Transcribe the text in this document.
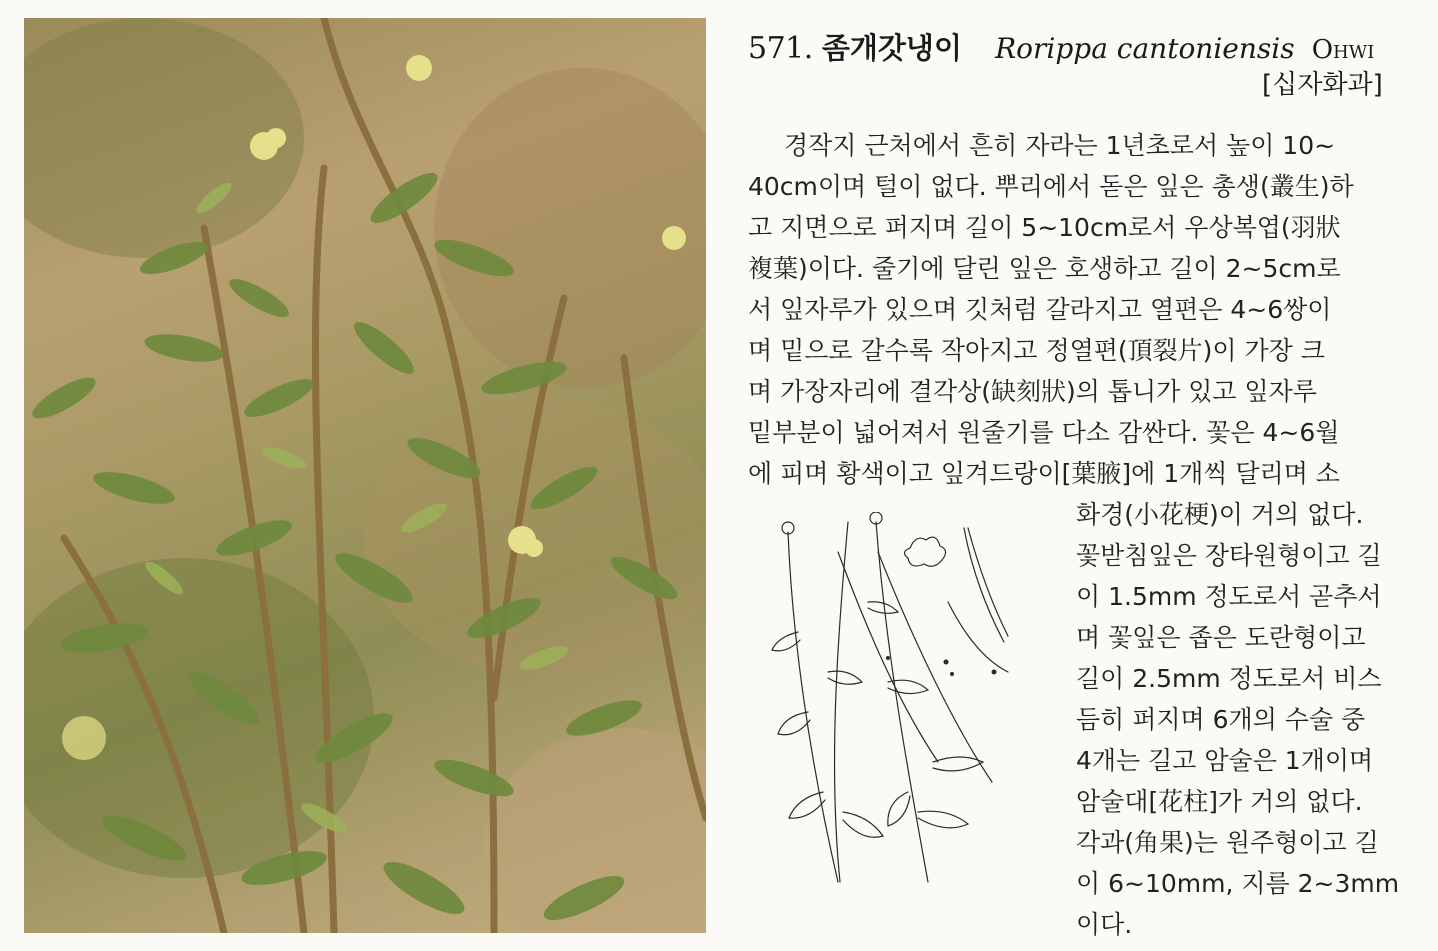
571. 좀개갓냉이 Rorippa cantoniensis Ohwi
[십자화과]
경작지 근처에서 흔히 자라는 1년초로서 높이 10~
40cm이며 털이 없다. 뿌리에서 돋은 잎은 총생(叢生)하
고 지면으로 퍼지며 길이 5~10cm로서 우상복엽(羽狀
複葉)이다. 줄기에 달린 잎은 호생하고 길이 2~5cm로
서 잎자루가 있으며 깃처럼 갈라지고 열편은 4~6쌍이
며 밑으로 갈수록 작아지고 정열편(頂裂片)이 가장 크
며 가장자리에 결각상(缺刻狀)의 톱니가 있고 잎자루
밑부분이 넓어져서 원줄기를 다소 감싼다. 꽃은 4~6월
에 피며 황색이고 잎겨드랑이[葉腋]에 1개씩 달리며 소
화경(小花梗)이 거의 없다.
꽃받침잎은 장타원형이고 길
이 1.5mm 정도로서 곧추서
며 꽃잎은 좁은 도란형이고
길이 2.5mm 정도로서 비스
듬히 퍼지며 6개의 수술 중
4개는 길고 암술은 1개이며
암술대[花柱]가 거의 없다.
각과(角果)는 원주형이고 길
이 6~10mm, 지름 2~3mm
이다.
